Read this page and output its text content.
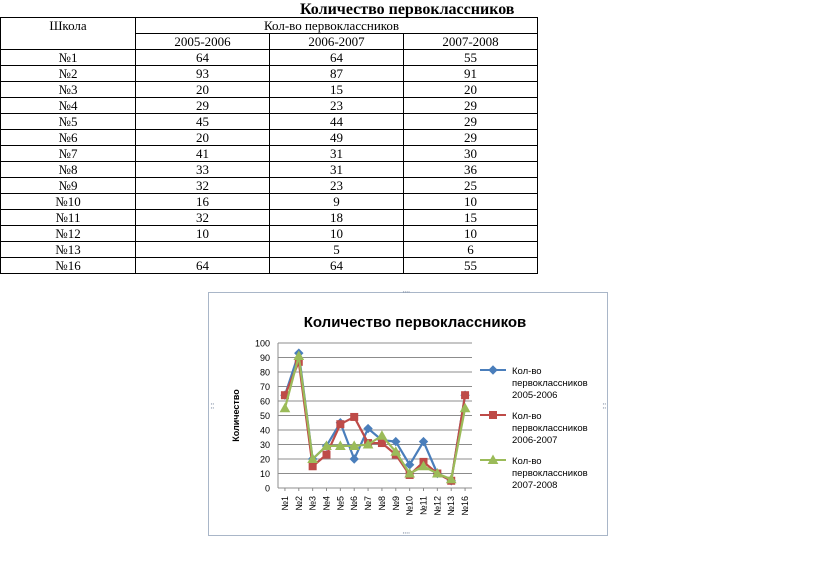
Количество первоклассников
Школа	Кол-во первоклассников		
	2005-2006	2006-2007	2007-2008
№1	64	64	55
№2	93	87	91
№3	20	15	20
№4	29	23	29
№5	45	44	29
№6	20	49	29
№7	41	31	30
№8	33	31	36
№9	32	23	25
№10	16	9	10
№11	32	18	15
№12	10	10	10
№13		5	6
№16	64	64	55
····
····
····	····
Количество первоклассников
0
10
20
30
40
50
60
70
80
90
100
Количество
№1 №2 №3 №4 №5 №6 №7 №8 №9 №10 №11 №12 №13 №16
Кол-во
первоклассников
2005-2006
Кол-во
первоклассников
2006-2007
Кол-во
первоклассников
2007-2008
